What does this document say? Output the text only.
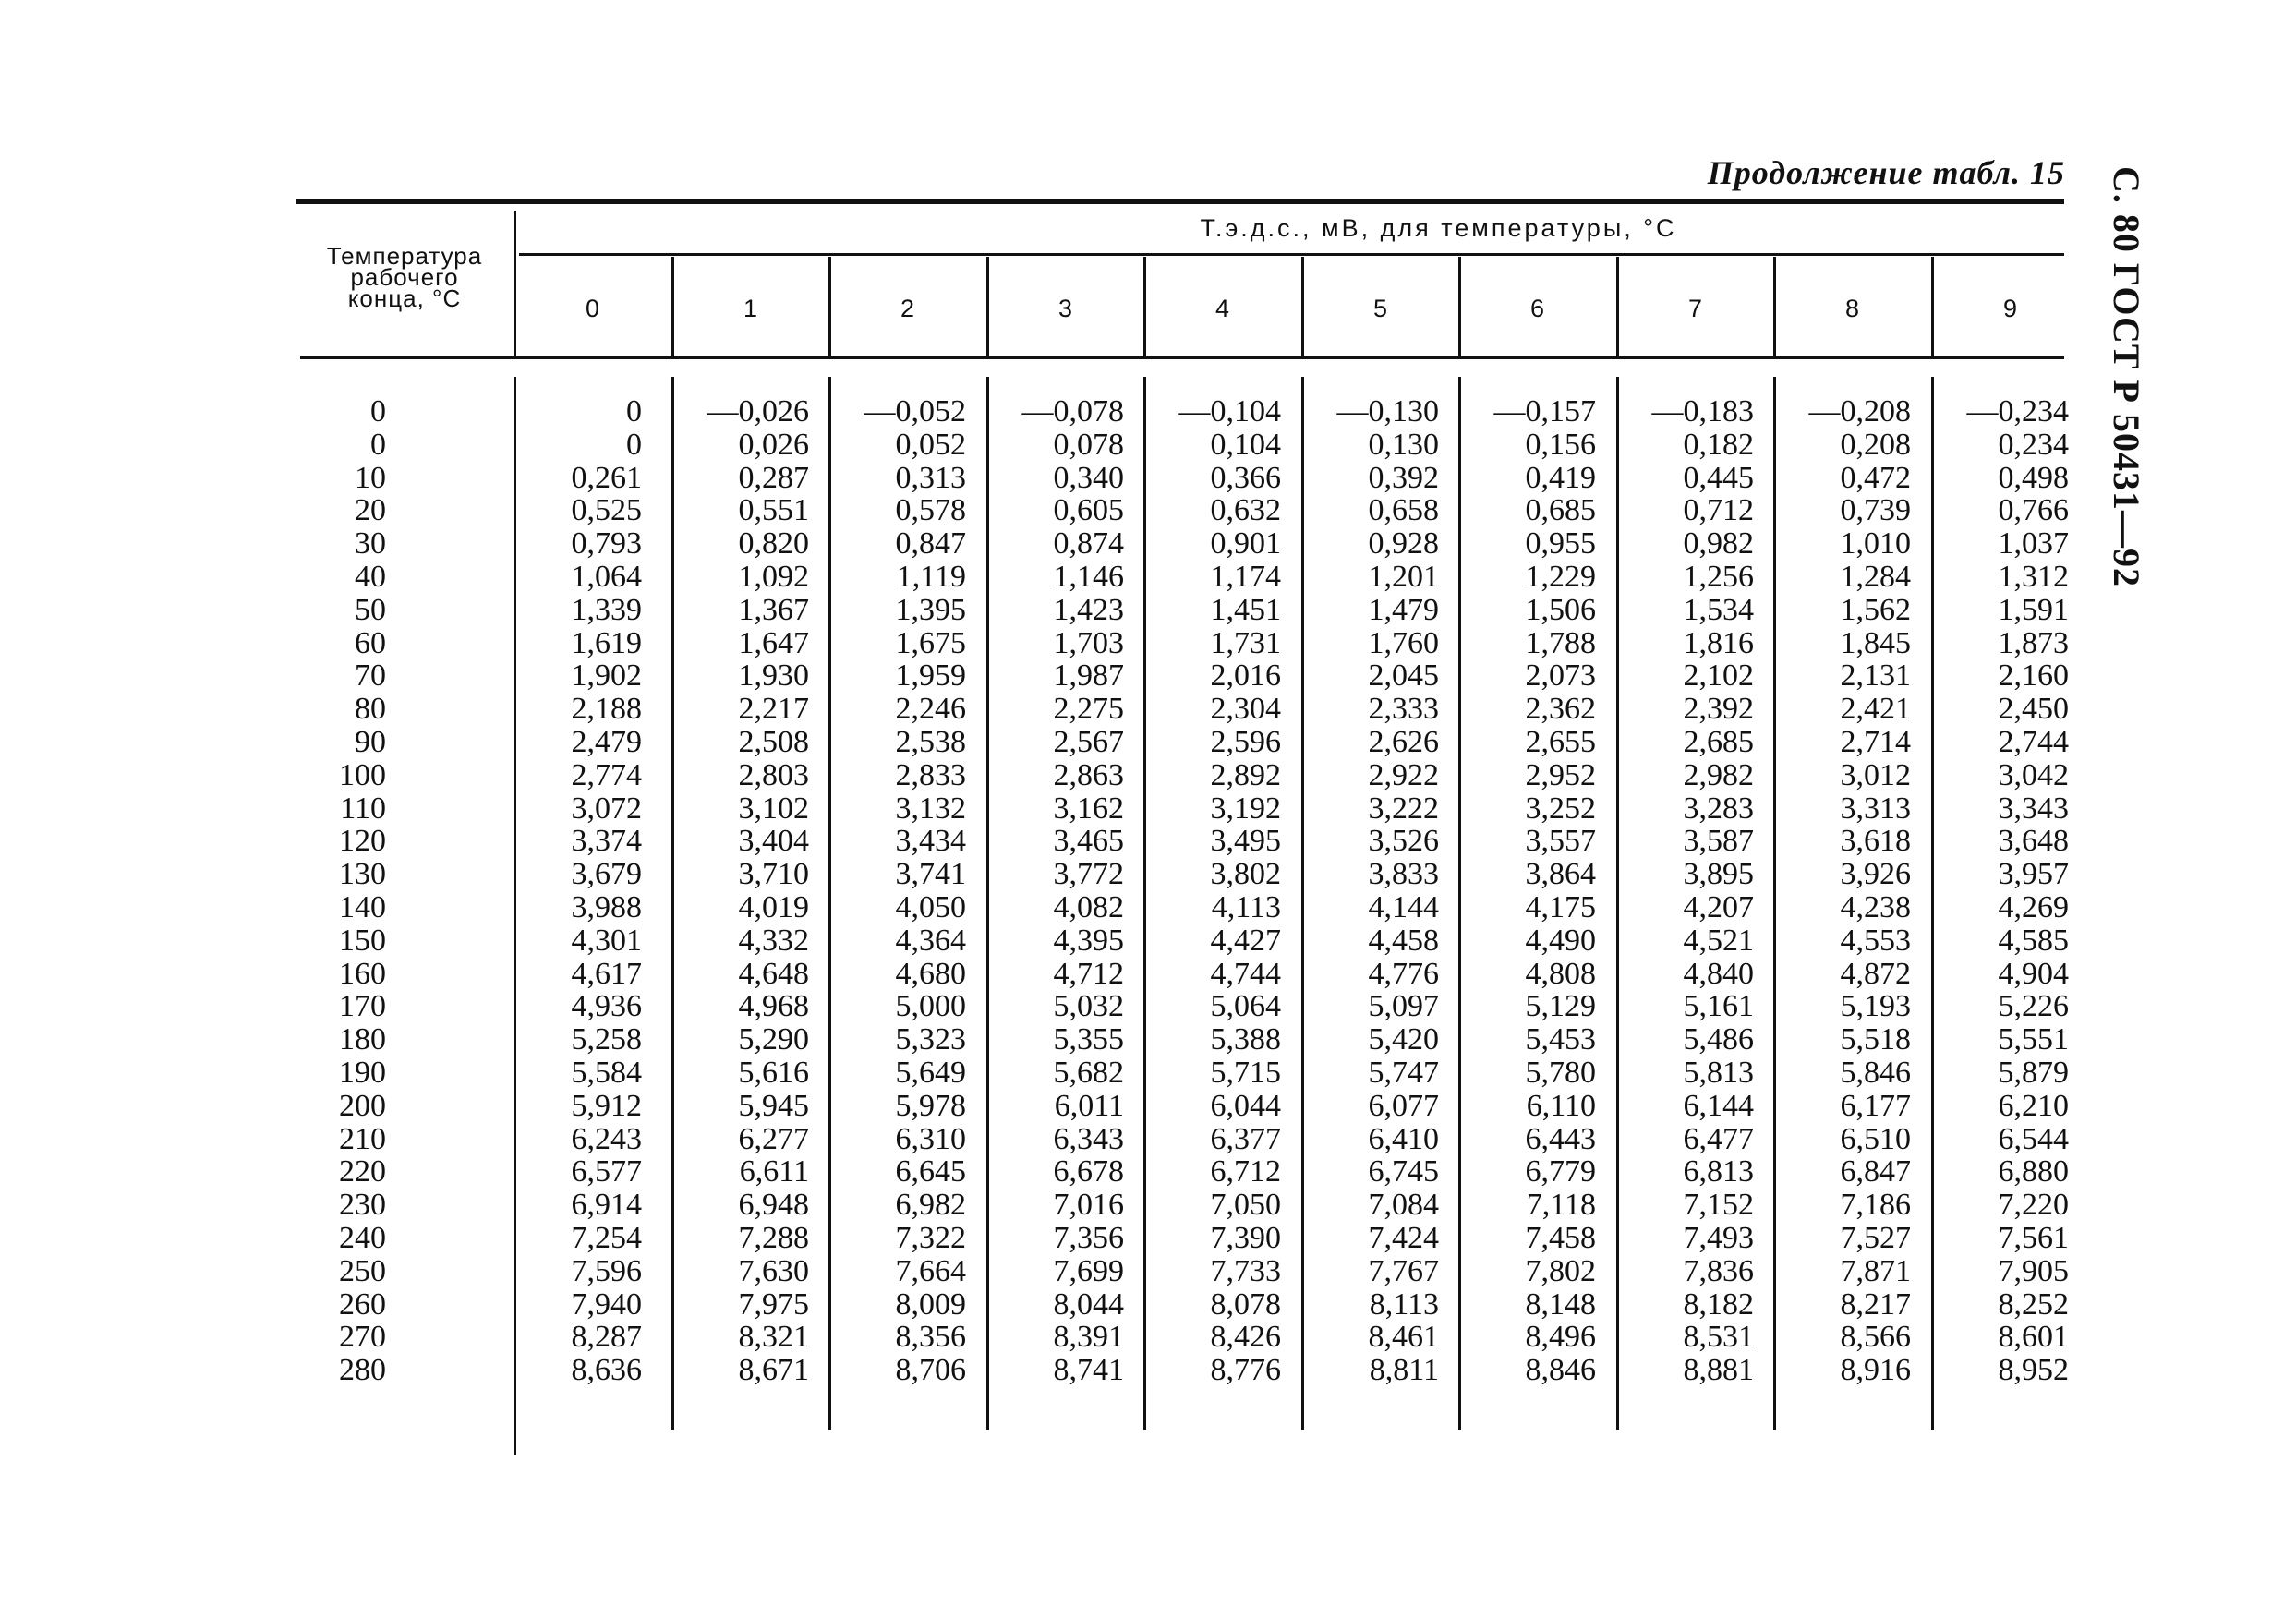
Продолжение табл. 15 С. 80 ГОСТ Р 50431—92
Т.э.д.с., мВ, для температуры, °С
Температура
рабочего
конца, °С	0	1	2	3	4	5	6	7	8	9
0	0	—0,026	—0,052	—0,078	—0,104	—0,130	—0,157	—0,183	—0,208	—0,234
0	0	0,026	0,052	0,078	0,104	0,130	0,156	0,182	0,208	0,234
10	0,261	0,287	0,313	0,340	0,366	0,392	0,419	0,445	0,472	0,498
20	0,525	0,551	0,578	0,605	0,632	0,658	0,685	0,712	0,739	0,766
30	0,793	0,820	0,847	0,874	0,901	0,928	0,955	0,982	1,010	1,037
40	1,064	1,092	1,119	1,146	1,174	1,201	1,229	1,256	1,284	1,312
50	1,339	1,367	1,395	1,423	1,451	1,479	1,506	1,534	1,562	1,591
60	1,619	1,647	1,675	1,703	1,731	1,760	1,788	1,816	1,845	1,873
70	1,902	1,930	1,959	1,987	2,016	2,045	2,073	2,102	2,131	2,160
80	2,188	2,217	2,246	2,275	2,304	2,333	2,362	2,392	2,421	2,450
90	2,479	2,508	2,538	2,567	2,596	2,626	2,655	2,685	2,714	2,744
100	2,774	2,803	2,833	2,863	2,892	2,922	2,952	2,982	3,012	3,042
110	3,072	3,102	3,132	3,162	3,192	3,222	3,252	3,283	3,313	3,343
120	3,374	3,404	3,434	3,465	3,495	3,526	3,557	3,587	3,618	3,648
130	3,679	3,710	3,741	3,772	3,802	3,833	3,864	3,895	3,926	3,957
140	3,988	4,019	4,050	4,082	4,113	4,144	4,175	4,207	4,238	4,269
150	4,301	4,332	4,364	4,395	4,427	4,458	4,490	4,521	4,553	4,585
160	4,617	4,648	4,680	4,712	4,744	4,776	4,808	4,840	4,872	4,904
170	4,936	4,968	5,000	5,032	5,064	5,097	5,129	5,161	5,193	5,226
180	5,258	5,290	5,323	5,355	5,388	5,420	5,453	5,486	5,518	5,551
190	5,584	5,616	5,649	5,682	5,715	5,747	5,780	5,813	5,846	5,879
200	5,912	5,945	5,978	6,011	6,044	6,077	6,110	6,144	6,177	6,210
210	6,243	6,277	6,310	6,343	6,377	6,410	6,443	6,477	6,510	6,544
220	6,577	6,611	6,645	6,678	6,712	6,745	6,779	6,813	6,847	6,880
230	6,914	6,948	6,982	7,016	7,050	7,084	7,118	7,152	7,186	7,220
240	7,254	7,288	7,322	7,356	7,390	7,424	7,458	7,493	7,527	7,561
250	7,596	7,630	7,664	7,699	7,733	7,767	7,802	7,836	7,871	7,905
260	7,940	7,975	8,009	8,044	8,078	8,113	8,148	8,182	8,217	8,252
270	8,287	8,321	8,356	8,391	8,426	8,461	8,496	8,531	8,566	8,601
280	8,636	8,671	8,706	8,741	8,776	8,811	8,846	8,881	8,916	8,952
